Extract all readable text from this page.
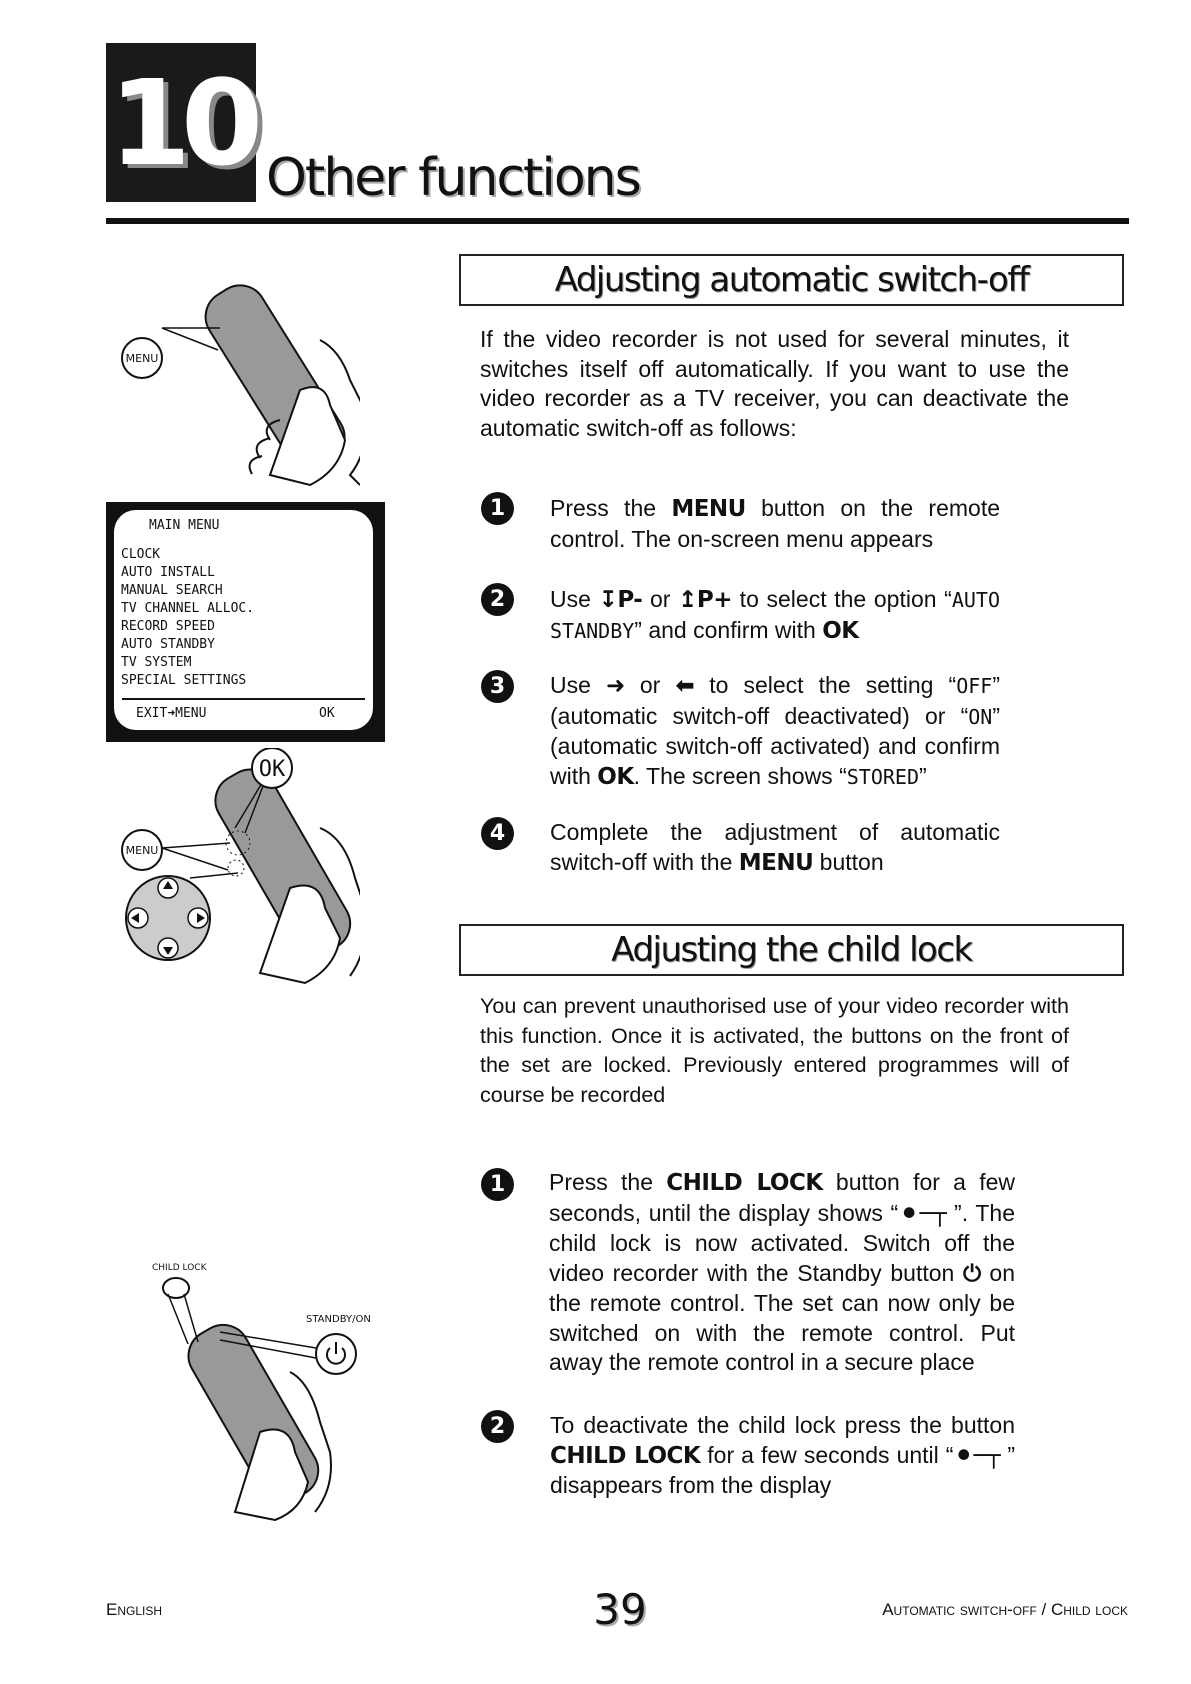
10 Other functions
MENU
MAIN MENU
CLOCK
AUTO INSTALL
MANUAL SEARCH
TV CHANNEL ALLOC.
RECORD SPEED
AUTO STANDBY
TV SYSTEM
SPECIAL SETTINGS
EXIT➜MENU	OK
OK
MENU
CHILD LOCK
STANDBY/ON
Adjusting automatic switch-off
If the video recorder is not used for several minutes, it switches itself off automatically. If you want to use the video recorder as a TV receiver, you can deactivate the automatic switch-off as follows:
1	Press the MENU button on the remote control. The on-screen menu appears
2	Use ↧P- or ↥P+ to select the option “AUTO STANDBY” and confirm with OK
3	Use ➜ or ⬅ to select the setting “OFF” (automatic switch-off deactivated) or “ON” (automatic switch-off activated) and confirm with OK. The screen shows “STORED”
4	Complete the adjustment of automatic switch-off with the MENU button
Adjusting the child lock
You can prevent unauthorised use of your video recorder with this function. Once it is activated, the buttons on the front of the set are locked. Previously entered programmes will of course be recorded
1	Press the CHILD LOCK button for a few seconds, until the display shows “⚫─┬ ”. The child lock is now activated. Switch off the video recorder with the Standby button ⏻ on the remote control. The set can now only be switched on with the remote control. Put away the remote control in a secure place
2	To deactivate the child lock press the button CHILD LOCK for a few seconds until “⚫─┬ ” disappears from the display
English	39	Automatic switch-off / Child lock
